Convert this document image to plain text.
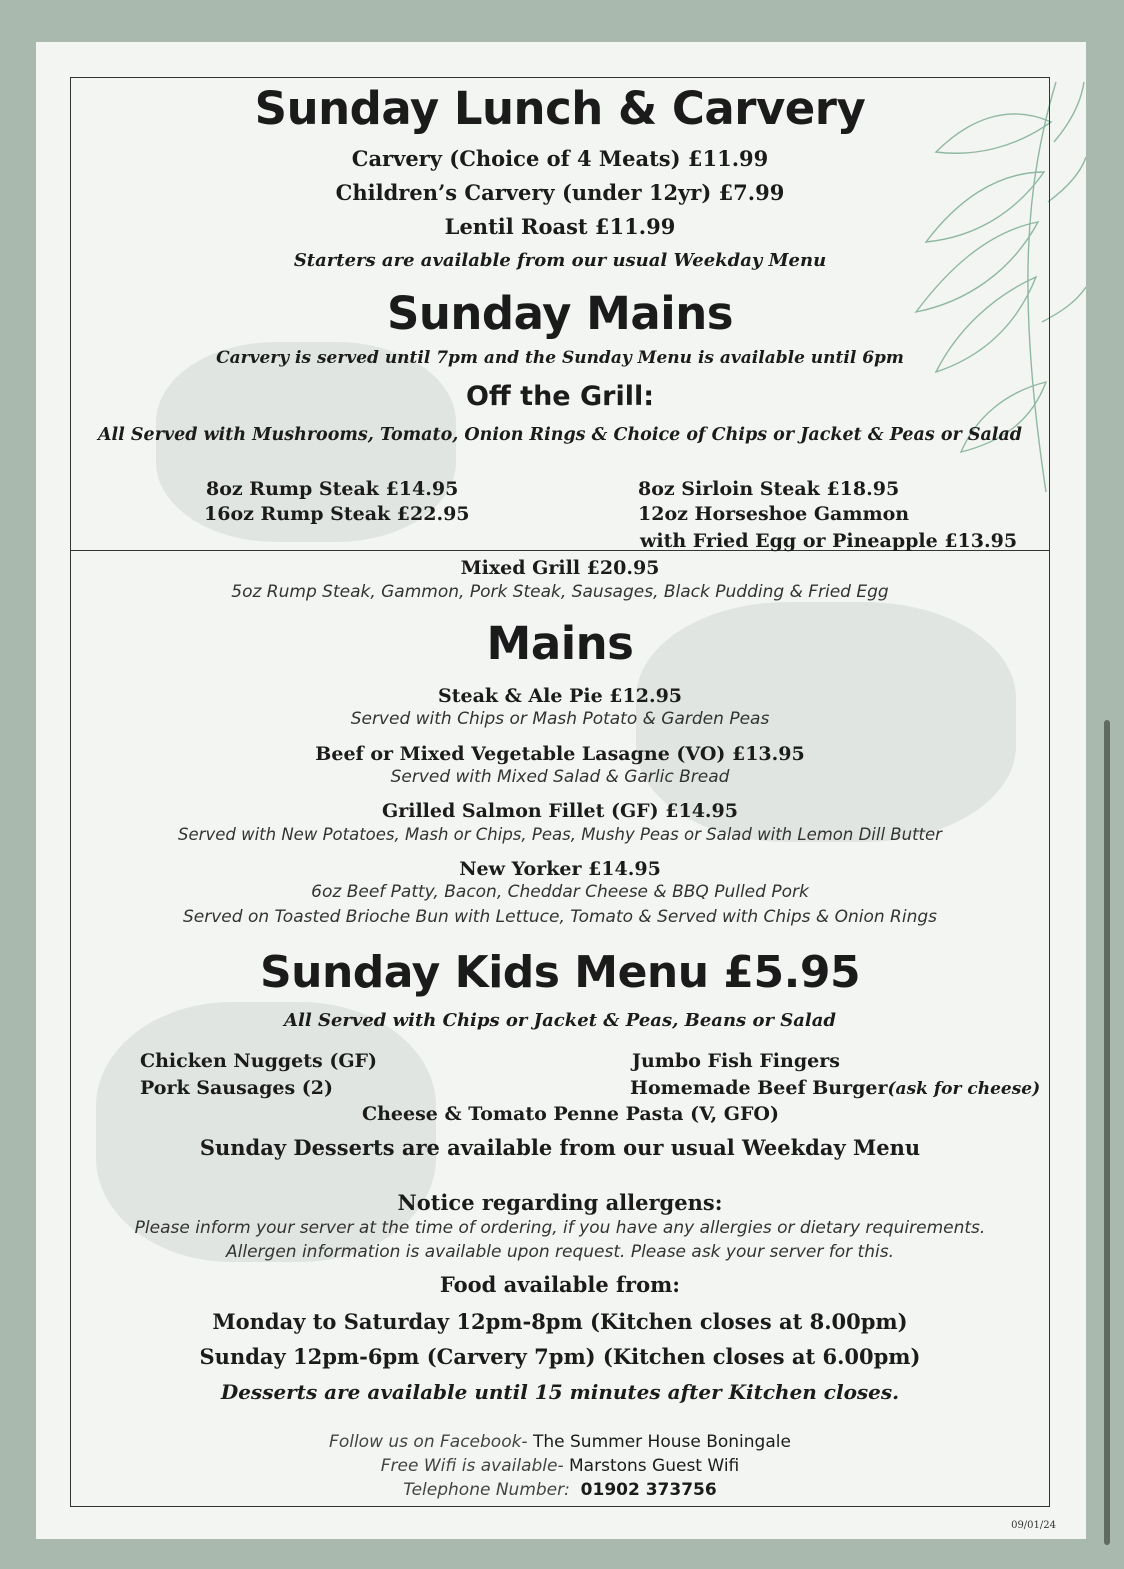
Sunday Lunch & Carvery
Carvery (Choice of 4 Meats) £11.99
Children’s Carvery (under 12yr) £7.99
Lentil Roast £11.99
Starters are available from our usual Weekday Menu
Sunday Mains
Carvery is served until 7pm and the Sunday Menu is available until 6pm
Off the Grill:
All Served with Mushrooms, Tomato, Onion Rings & Choice of Chips or Jacket & Peas or Salad
8oz Rump Steak £14.95
16oz Rump Steak £22.95
8oz Sirloin Steak £18.95
12oz Horseshoe Gammon
with Fried Egg or Pineapple £13.95
Mixed Grill £20.95
5oz Rump Steak, Gammon, Pork Steak, Sausages, Black Pudding & Fried Egg
Mains
Steak & Ale Pie £12.95
Served with Chips or Mash Potato & Garden Peas
Beef or Mixed Vegetable Lasagne (VO) £13.95
Served with Mixed Salad & Garlic Bread
Grilled Salmon Fillet (GF) £14.95
Served with New Potatoes, Mash or Chips, Peas, Mushy Peas or Salad with Lemon Dill Butter
New Yorker £14.95
6oz Beef Patty, Bacon, Cheddar Cheese & BBQ Pulled Pork
Served on Toasted Brioche Bun with Lettuce, Tomato & Served with Chips & Onion Rings
Sunday Kids Menu £5.95
All Served with Chips or Jacket & Peas, Beans or Salad
Chicken Nuggets (GF)
Pork Sausages (2)
Jumbo Fish Fingers
Homemade Beef Burger(ask for cheese)
Cheese & Tomato Penne Pasta (V, GFO)
Sunday Desserts are available from our usual Weekday Menu
Notice regarding allergens:
Please inform your server at the time of ordering, if you have any allergies or dietary requirements.
Allergen information is available upon request. Please ask your server for this.
Food available from:
Monday to Saturday 12pm-8pm (Kitchen closes at 8.00pm)
Sunday 12pm-6pm (Carvery 7pm) (Kitchen closes at 6.00pm)
Desserts are available until 15 minutes after Kitchen closes.
Follow us on Facebook- The Summer House Boningale
Free Wifi is available- Marstons Guest Wifi
Telephone Number: 01902 373756
09/01/24
